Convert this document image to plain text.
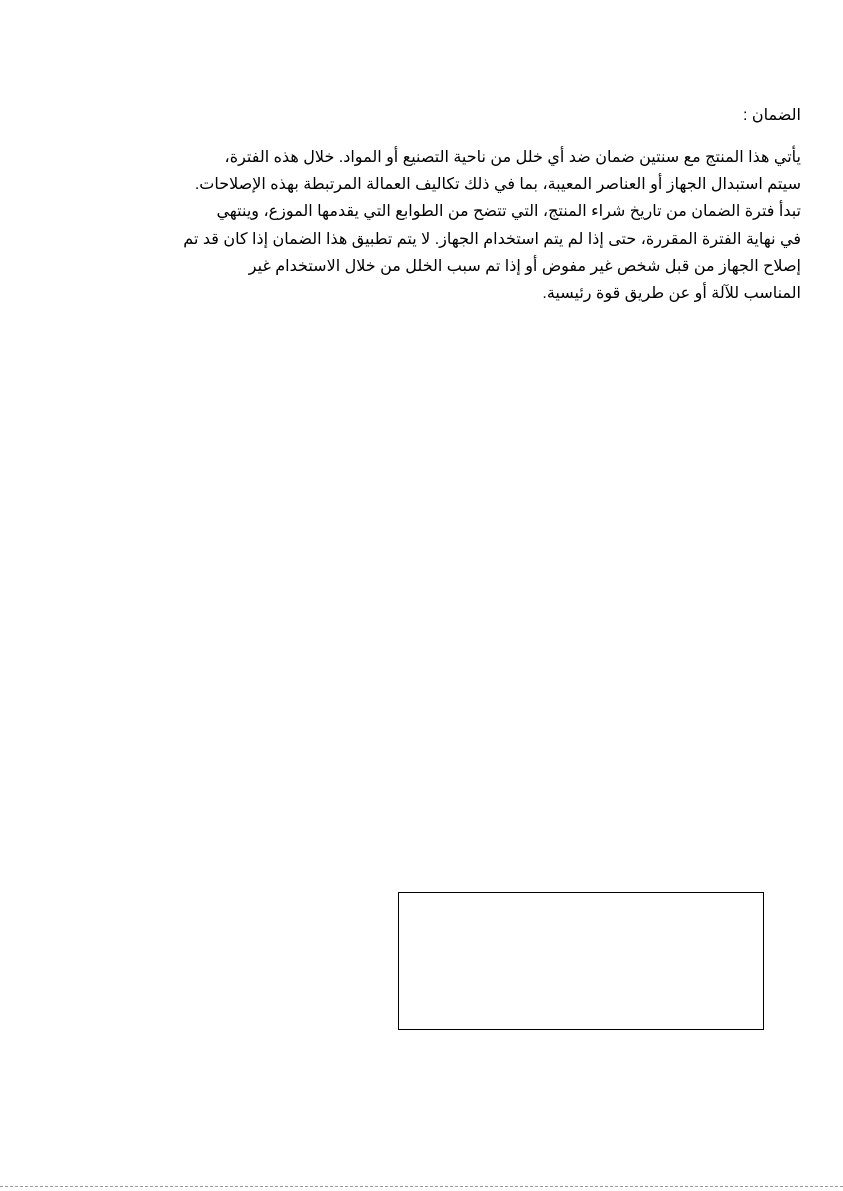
الضمان :
يأتي هذا المنتج مع سنتين ضمان ضد أي خلل من ناحية التصنيع أو المواد. خلال هذه الفترة،
سيتم استبدال الجهاز أو العناصر المعيبة، بما في ذلك تكاليف العمالة المرتبطة بهذه الإصلاحات.
تبدأ فترة الضمان من تاريخ شراء المنتج، التي تتضح من الطوابع التي يقدمها الموزع، وينتهي
في نهاية الفترة المقررة، حتى إذا لم يتم استخدام الجهاز. لا يتم تطبيق هذا الضمان إذا كان قد تم
إصلاح الجهاز من قبل شخص غير مفوض أو إذا تم سبب الخلل من خلال الاستخدام غير
المناسب للآلة أو عن طريق قوة رئيسية.
